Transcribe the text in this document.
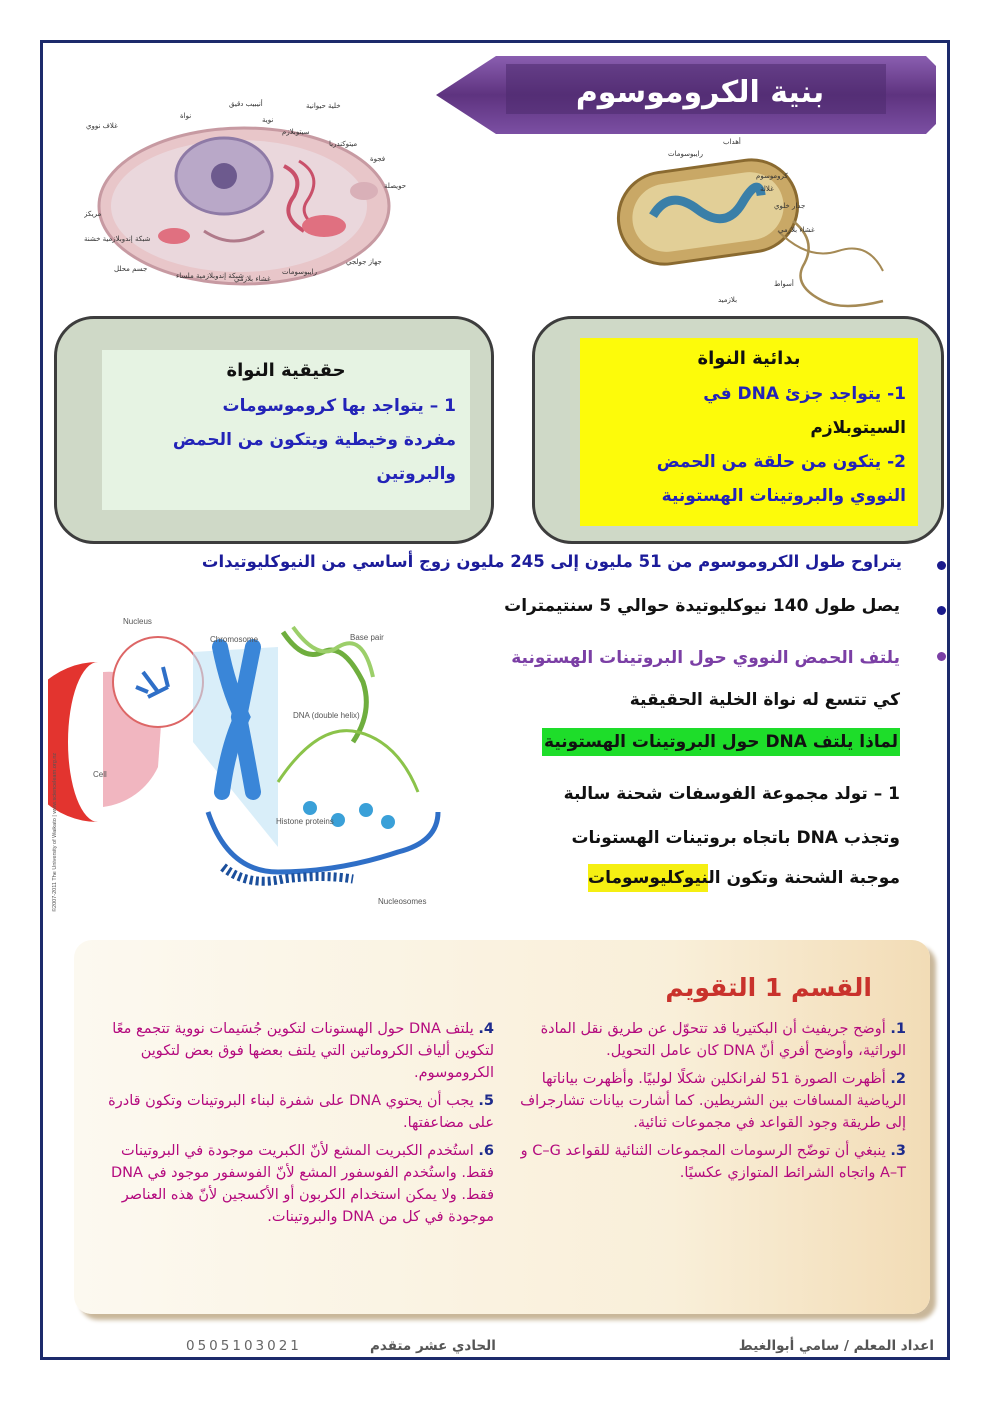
بنية الكروموسوم
خلية حيوانية
أنيبيب دقيق
نواة	نوية
غلاف نووي
سيتوبلازم
ميتوكندريا
فجوة
حويصلة
مريكز
شبكة إندوبلازمية خشنة
جسم محلل
شبكة إندوبلازمية ملساء
غشاء بلازمي
رايبوسومات
جهاز جولجي
أهداب
رايبوسومات
كروموسوم
غلالة
جدار خلوي
غشاء بلازمي
أسواط
بلازميد
حقيقية النواة
1 – يتواجد بها كروموسومات
مفردة وخيطية ويتكون من الحمض
والبروتين
بدائية النواة
1- يتواجد جزئ DNA في
السيتوبلازم
2- يتكون من حلقة من الحمض
النووي والبروتينات الهستونية
يتراوح طول الكروموسوم من 51 مليون إلى 245 مليون زوج أساسي من النيوكليوتيدات
يصل طول 140 نيوكليوتيدة حوالي 5 سنتيمترات
يلتف الحمض النووي حول البروتينات الهستونية
كي تتسع له نواة الخلية الحقيقية
لماذا يلتف DNA حول البروتينات الهستونية
1 – تولد مجموعة الفوسفات شحنة سالبة
وتجذب DNA باتجاه بروتينات الهستونات
موجبة الشحنة وتكون النيوكليوسومات
Nucleus
Chromosome	Base pair
DNA (double helix)
Cell
Histone proteins
Nucleosomes
©2007-2011 The University of Waikato | www.sciencelearn.org.nz
القسم 1 التقويم
1. أوضح جريفيث أن البكتيريا قد تتحوّل عن طريق نقل المادة الوراثية، وأوضح أفري أنّ DNA كان عامل التحويل.
2. أظهرت الصورة 51 لفرانكلين شكلًا لولبيًا. وأظهرت بياناتها الرياضية المسافات بين الشريطين. كما أشارت بيانات تشارجراف إلى طريقة وجود القواعد في مجموعات ثنائية.
3. ينبغي أن توضّح الرسومات المجموعات الثنائية للقواعد C–G و A–T واتجاه الشرائط المتوازي عكسيًا.
4. يلتف DNA حول الهستونات لتكوين جُسَيمات نووية تتجمع معًا لتكوين ألياف الكروماتين التي يلتف بعضها فوق بعض لتكوين الكروموسوم.
5. يجب أن يحتوي DNA على شفرة لبناء البروتينات وتكون قادرة على مضاعفتها.
6. استُخدم الكبريت المشع لأنّ الكبريت موجودة في البروتينات فقط. واستُخدم الفوسفور المشع لأنّ الفوسفور موجود في DNA فقط. ولا يمكن استخدام الكربون أو الأكسجين لأنّ هذه العناصر موجودة في كل من DNA والبروتينات.
اعداد المعلم / سامي أبوالغيط
الحادي عشر متقدم
0505103021
